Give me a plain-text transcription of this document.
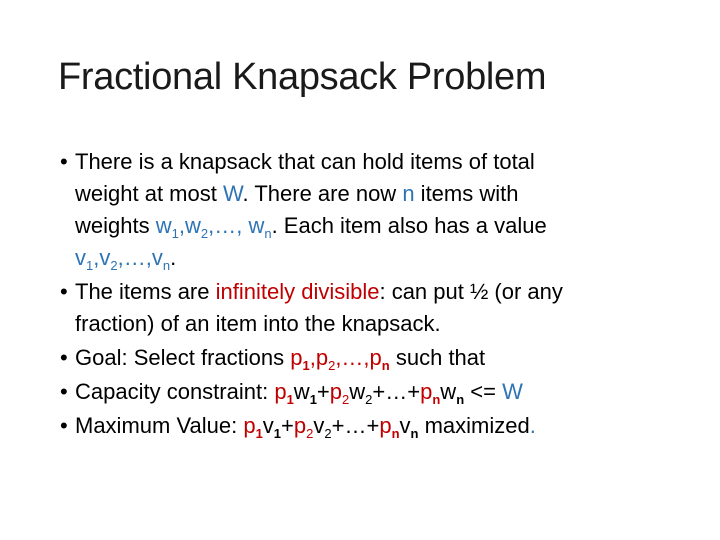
Fractional Knapsack Problem
• There is a knapsack that can hold items of total
weight at most W. There are now n items with
weights $w_1,w_2,\dots$, $w_n$. Each item also has a value
$v_1,v_2,\dots,v_n$.
• The items are infinitely divisible: can put ½ (or any
fraction) of an item into the knapsack.
• Goal: Select fractions $p_1,p_2,\dots,p_n$ such that
• Capacity constraint: $p_1w_1+p_2w_2+\dots+p_nw_n <= W$
• Maximum Value: $p_1v_1+p_2v_2+\dots+p_nv_n$ maximized.
